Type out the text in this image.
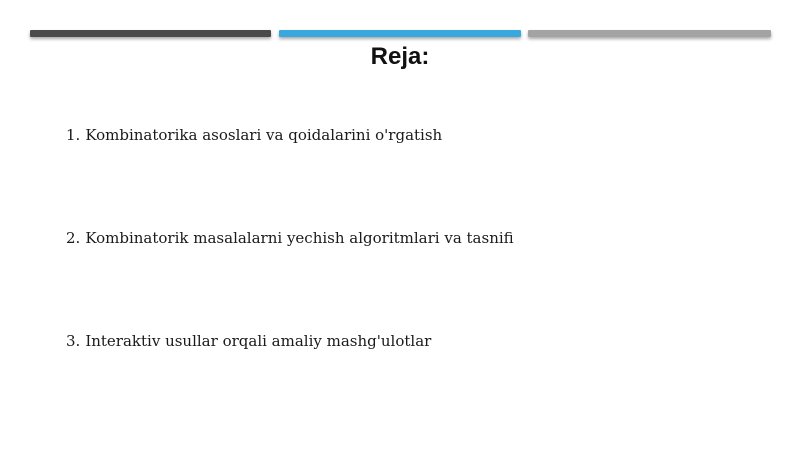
Reja:
1. Kombinatorika asoslari va qoidalarini o'rgatish
2. Kombinatorik masalalarni yechish algoritmlari va tasnifi
3. Interaktiv usullar orqali amaliy mashg'ulotlar
